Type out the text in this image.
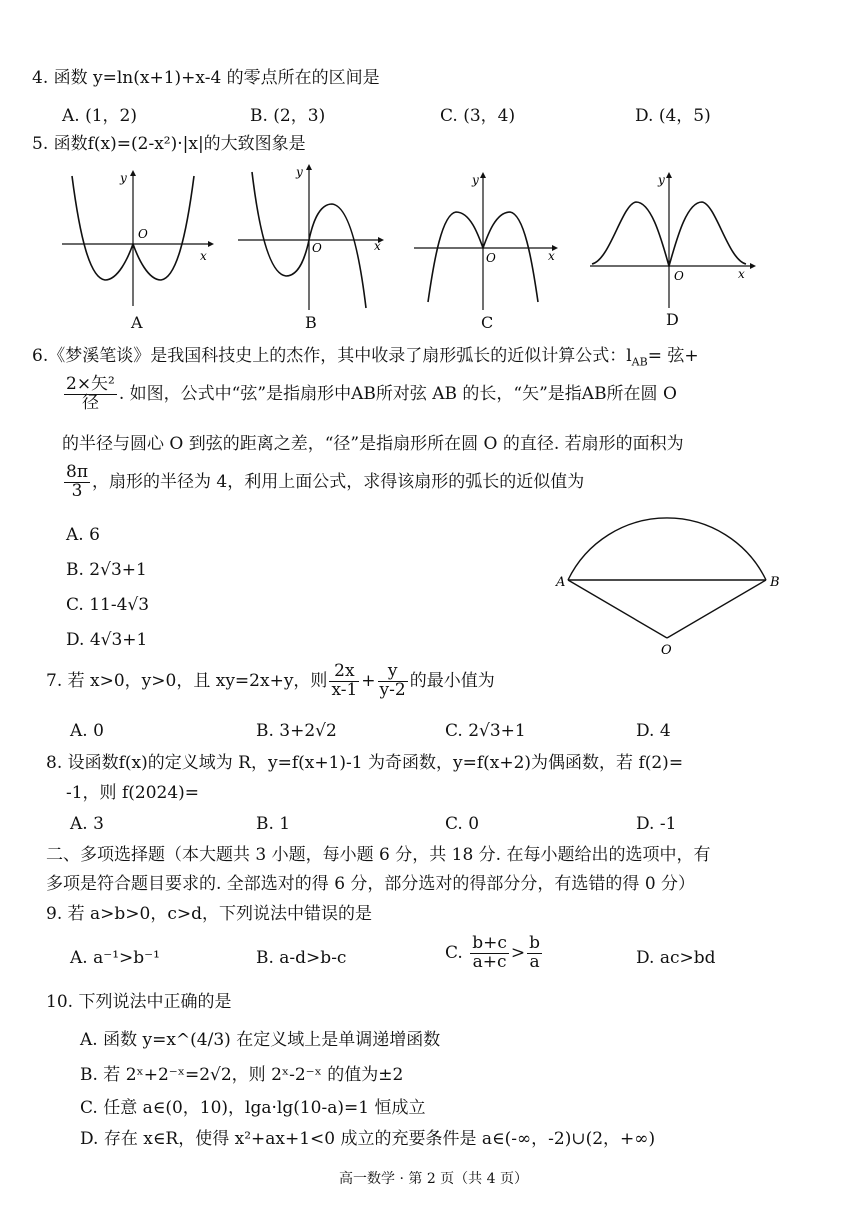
4. 函数 y=ln(x+1)+x-4 的零点所在的区间是
A. (1，2)	B. (2，3)	C. (3，4)	D. (4，5)
5. 函数f(x)=(2-x²)·|x|的大致图象是
y
x
O
A
y
x
O
B
y
x
O
C
y
x
O
D
6.《梦溪笔谈》是我国科技史上的杰作，其中收录了扇形弧长的近似计算公式：$l_{AB}=$ 弦+
$\frac{\text{2×矢²}}{\text{径}}$ . 如图，公式中“弦”是指扇形中AB所对弦 AB 的长，“矢”是指AB所在圆 O
的半径与圆心 O 到弦的距离之差，“径”是指扇形所在圆 O 的直径. 若扇形的面积为
$\frac{8\pi}{3}$ ，扇形的半径为 4，利用上面公式，求得该扇形的弧长的近似值为
A. 6
B. 2√3+1
C. 11-4√3
D. 4√3+1
A	B
O
7. 若 x>0，y>0，且 xy=2x+y，则 $\frac{2x}{x-1} + \frac{y}{y-2}$ 的最小值为
A. 0	B. 3+2√2	C. 2√3+1	D. 4
8. 设函数f(x)的定义域为 R，y=f(x+1)-1 为奇函数，y=f(x+2)为偶函数，若 f(2)=
-1，则 f(2024)=
A. 3	B. 1	C. 0	D. -1
二、多项选择题（本大题共 3 小题，每小题 6 分，共 18 分. 在每小题给出的选项中，有
多项是符合题目要求的. 全部选对的得 6 分，部分选对的得部分分，有选错的得 0 分）
9. 若 a>b>0，c>d，下列说法中错误的是
A. a⁻¹>b⁻¹	B. a-d>b-c	C. $\frac{b+c}{a+c} > \frac{b}{a}$	D. ac>bd
10. 下列说法中正确的是
A. 函数 y=x^(4/3) 在定义域上是单调递增函数
B. 若 2ˣ+2⁻ˣ=2√2，则 2ˣ-2⁻ˣ 的值为±2
C. 任意 a∈(0，10)，lga·lg(10-a)=1 恒成立
D. 存在 x∈R，使得 x²+ax+1<0 成立的充要条件是 a∈(-∞，-2)∪(2，+∞)
高一数学 · 第 2 页（共 4 页）
